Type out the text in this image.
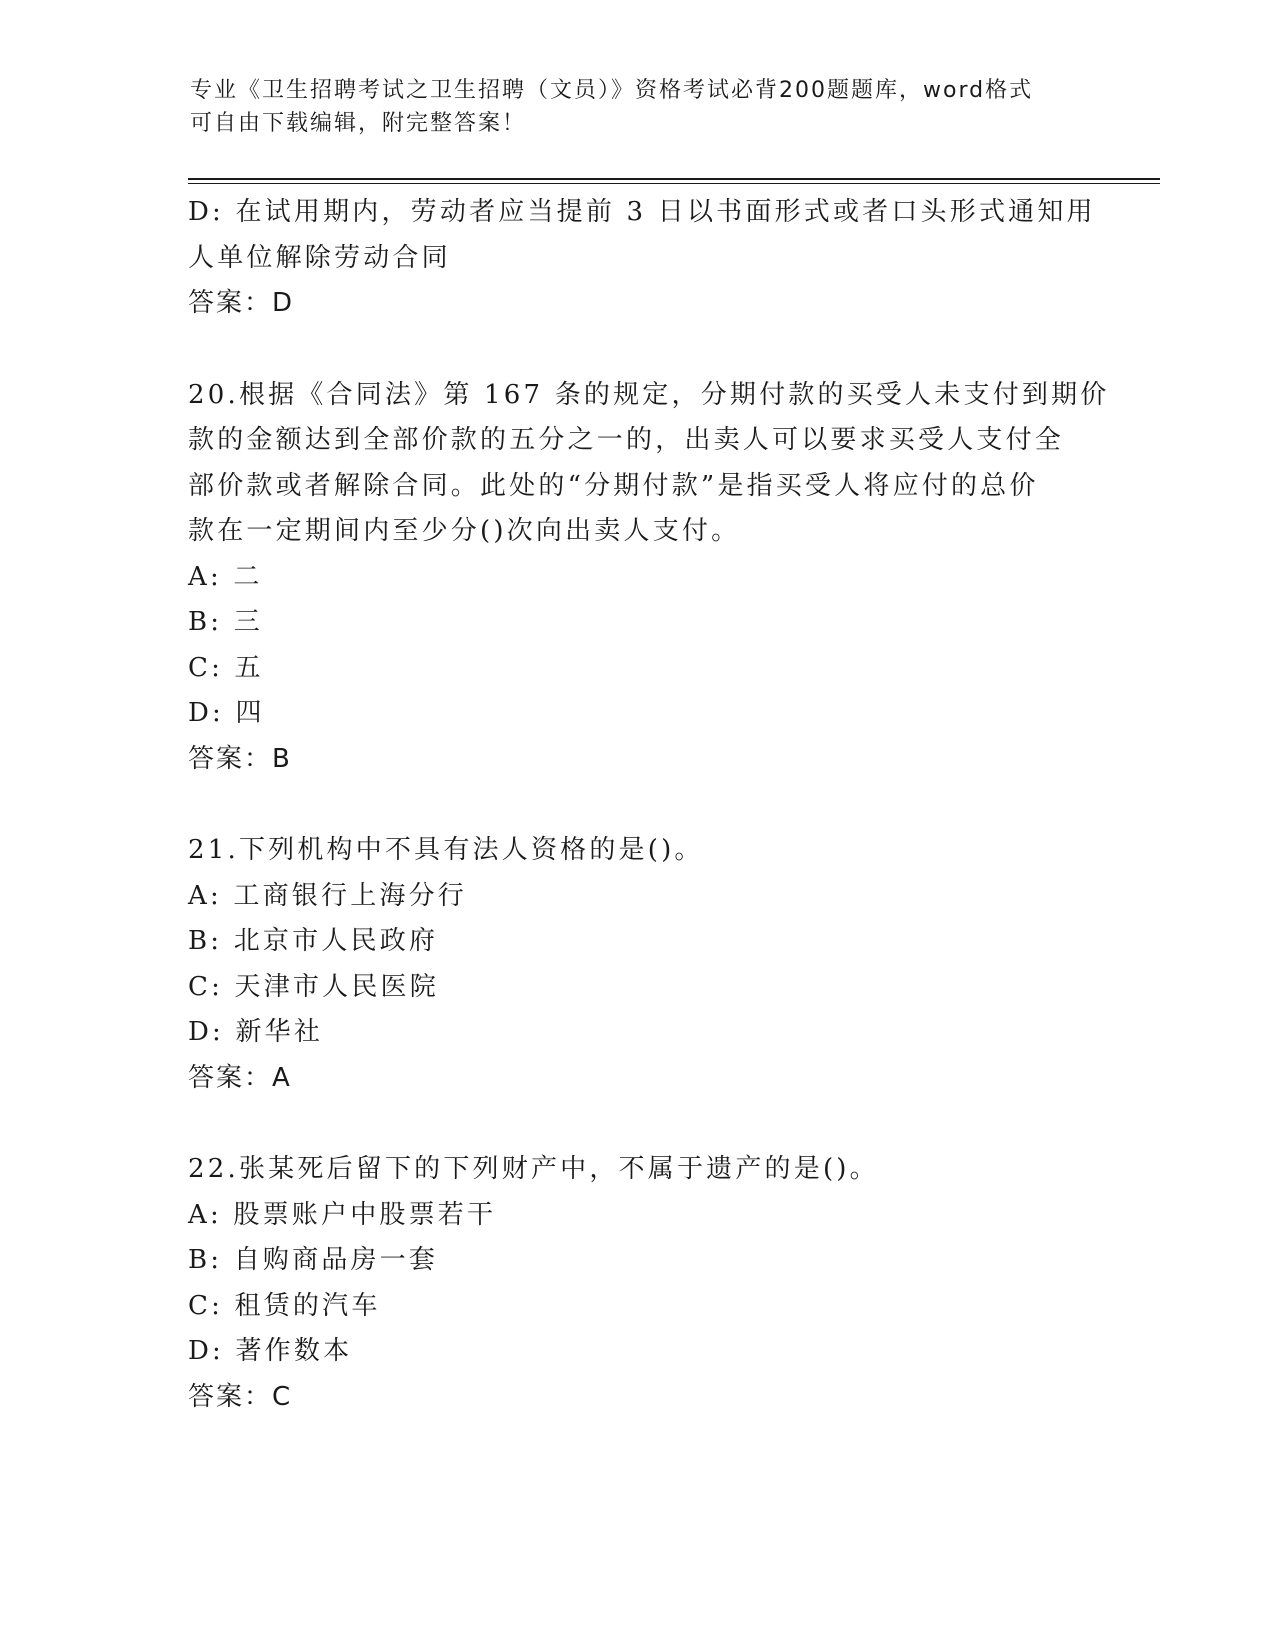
专业《卫生招聘考试之卫生招聘（文员）》资格考试必背200题题库，word格式
可自由下载编辑，附完整答案！
D: 在试用期内，劳动者应当提前 3 日以书面形式或者口头形式通知用
人单位解除劳动合同
答案：D
20.根据《合同法》第 167 条的规定，分期付款的买受人未支付到期价
款的金额达到全部价款的五分之一的，出卖人可以要求买受人支付全
部价款或者解除合同。此处的“分期付款”是指买受人将应付的总价
款在一定期间内至少分()次向出卖人支付。
A: 二
B: 三
C: 五
D: 四
答案：B
21.下列机构中不具有法人资格的是()。
A: 工商银行上海分行
B: 北京市人民政府
C: 天津市人民医院
D: 新华社
答案：A
22.张某死后留下的下列财产中，不属于遗产的是()。
A: 股票账户中股票若干
B: 自购商品房一套
C: 租赁的汽车
D: 著作数本
答案：C
